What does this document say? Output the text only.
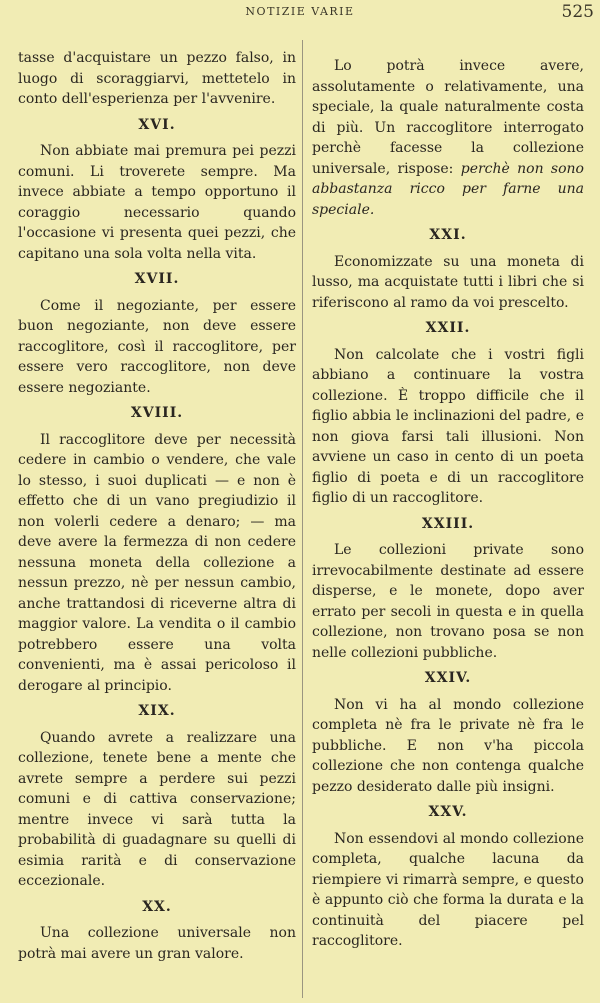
NOTIZIE VARIE	525

tasse d'acquistare un pezzo falso, in luogo di scoraggiarvi, mettetelo in conto dell'esperienza per l'avvenire.

XVI.

Non abbiate mai premura pei pezzi comuni. Li troverete sempre. Ma invece abbiate a tempo opportuno il coraggio necessario quando l'occasione vi presenta quei pezzi, che capitano una sola volta nella vita.

XVII.

Come il negoziante, per essere buon negoziante, non deve essere raccoglitore, così il raccoglitore, per essere vero raccoglitore, non deve essere negoziante.

XVIII.

Il raccoglitore deve per necessità cedere in cambio o vendere, che vale lo stesso, i suoi duplicati — e non è effetto che di un vano pregiudizio il non volerli cedere a denaro; — ma deve avere la fermezza di non cedere nessuna moneta della collezione a nessun prezzo, nè per nessun cambio, anche trattandosi di riceverne altra di maggior valore. La vendita o il cambio potrebbero essere una volta convenienti, ma è assai pericoloso il derogare al principio.

XIX.

Quando avrete a realizzare una collezione, tenete bene a mente che avrete sempre a perdere sui pezzi comuni e di cattiva conservazione; mentre invece vi sarà tutta la probabilità di guadagnare su quelli di esimia rarità e di conservazione eccezionale.

XX.

Una collezione universale non potrà mai avere un gran valore.

Lo potrà invece avere, assolutamente o relativamente, una speciale, la quale naturalmente costa di più. Un raccoglitore interrogato perchè facesse la collezione universale, rispose: perchè non sono abbastanza ricco per farne una speciale.

XXI.

Economizzate su una moneta di lusso, ma acquistate tutti i libri che si riferiscono al ramo da voi prescelto.

XXII.

Non calcolate che i vostri figli abbiano a continuare la vostra collezione. È troppo difficile che il figlio abbia le inclinazioni del padre, e non giova farsi tali illusioni. Non avviene un caso in cento di un poeta figlio di poeta e di un raccoglitore figlio di un raccoglitore.

XXIII.

Le collezioni private sono irrevocabilmente destinate ad essere disperse, e le monete, dopo aver errato per secoli in questa e in quella collezione, non trovano posa se non nelle collezioni pubbliche.

XXIV.

Non vi ha al mondo collezione completa nè fra le private nè fra le pubbliche. E non v'ha piccola collezione che non contenga qualche pezzo desiderato dalle più insigni.

XXV.

Non essendovi al mondo collezione completa, qualche lacuna da riempiere vi rimarrà sempre, e questo è appunto ciò che forma la durata e la continuità del piacere pel raccoglitore.
